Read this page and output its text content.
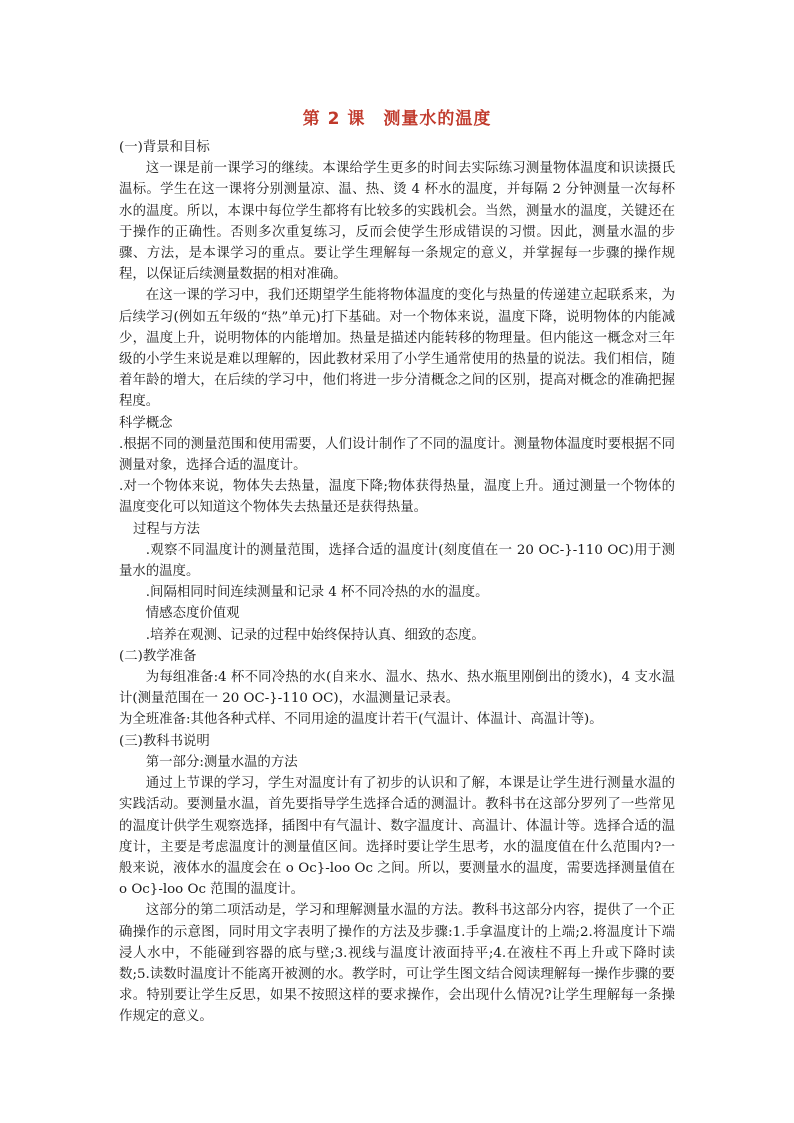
第 2 课　测量水的温度

(一)背景和目标

这一课是前一课学习的继续。本课给学生更多的时间去实际练习测量物体温度和识读摄氏温标。学生在这一课将分别测量凉、温、热、烫 4 杯水的温度，并每隔 2 分钟测量一次每杯水的温度。所以，本课中每位学生都将有比较多的实践机会。当然，测量水的温度，关键还在于操作的正确性。否则多次重复练习，反而会使学生形成错误的习惯。因此，测量水温的步骤、方法，是本课学习的重点。要让学生理解每一条规定的意义，并掌握每一步骤的操作规程，以保证后续测量数据的相对准确。

在这一课的学习中，我们还期望学生能将物体温度的变化与热量的传递建立起联系来，为后续学习(例如五年级的“热”单元)打下基础。对一个物体来说，温度下降，说明物体的内能减少，温度上升，说明物体的内能增加。热量是描述内能转移的物理量。但内能这一概念对三年级的小学生来说是难以理解的，因此教材采用了小学生通常使用的热量的说法。我们相信，随着年龄的增大，在后续的学习中，他们将进一步分清概念之间的区别，提高对概念的准确把握程度。

科学概念

.根据不同的测量范围和使用需要，人们设计制作了不同的温度计。测量物体温度时要根据不同测量对象，选择合适的温度计。

.对一个物体来说，物体失去热量，温度下降;物体获得热量，温度上升。通过测量一个物体的温度变化可以知道这个物体失去热量还是获得热量。

过程与方法

.观察不同温度计的测量范围，选择合适的温度计(刻度值在一 20 OC-}-110 OC)用于测量水的温度。

.间隔相同时间连续测量和记录 4 杯不同冷热的水的温度。

情感态度价值观

.培养在观测、记录的过程中始终保持认真、细致的态度。

(二)教学准备

为每组准备:4 杯不同冷热的水(自来水、温水、热水、热水瓶里刚倒出的烫水)，4 支水温计(测量范围在一 20 OC-}-110 OC)，水温测量记录表。

为全班准备:其他各种式样、不同用途的温度计若干(气温计、体温计、高温计等)。

(三)教科书说明

第一部分:测量水温的方法

通过上节课的学习，学生对温度计有了初步的认识和了解，本课是让学生进行测量水温的实践活动。要测量水温，首先要指导学生选择合适的测温计。教科书在这部分罗列了一些常见的温度计供学生观察选择，插图中有气温计、数字温度计、高温计、体温计等。选择合适的温度计，主要是考虑温度计的测量值区间。选择时要让学生思考，水的温度值在什么范围内?一般来说，液体水的温度会在 o Oc}-loo Oc 之间。所以，要测量水的温度，需要选择测量值在 o Oc}-loo Oc 范围的温度计。

这部分的第二项活动是，学习和理解测量水温的方法。教科书这部分内容，提供了一个正确操作的示意图，同时用文字表明了操作的方法及步骤:1.手拿温度计的上端;2.将温度计下端浸人水中，不能碰到容器的底与壁;3.视线与温度计液面持平;4.在液柱不再上升或下降时读数;5.读数时温度计不能离开被测的水。教学时，可让学生图文结合阅读理解每一操作步骤的要求。特别要让学生反思，如果不按照这样的要求操作，会出现什么情况?让学生理解每一条操作规定的意义。
